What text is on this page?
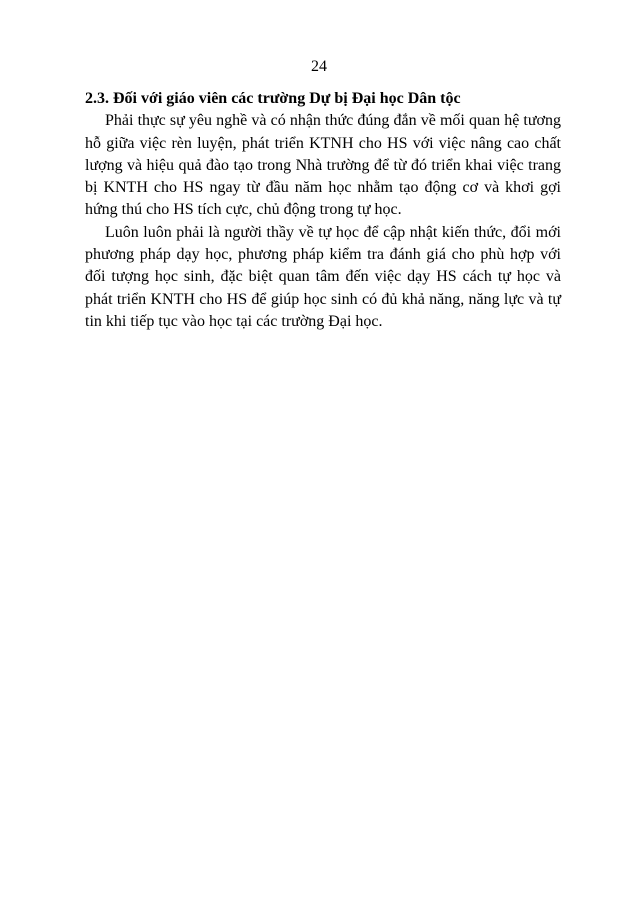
24
2.3. Đối với giáo viên các trường Dự bị Đại học Dân tộc

Phải thực sự yêu nghề và có nhận thức đúng đắn về mối quan hệ tương hỗ giữa việc rèn luyện, phát triển KTNH cho HS với việc nâng cao chất lượng và hiệu quả đào tạo trong Nhà trường để từ đó triển khai việc trang bị KNTH cho HS ngay từ đầu năm học nhằm tạo động cơ và khơi gợi hứng thú cho HS tích cực, chủ động trong tự học.

Luôn luôn phải là người thầy về tự học để cập nhật kiến thức, đổi mới phương pháp dạy học, phương pháp kiểm tra đánh giá cho phù hợp với đối tượng học sinh, đặc biệt quan tâm đến việc dạy HS cách tự học và phát triển KNTH cho HS để giúp học sinh có đủ khả năng, năng lực và tự tin khi tiếp tục vào học tại các trường Đại học.
